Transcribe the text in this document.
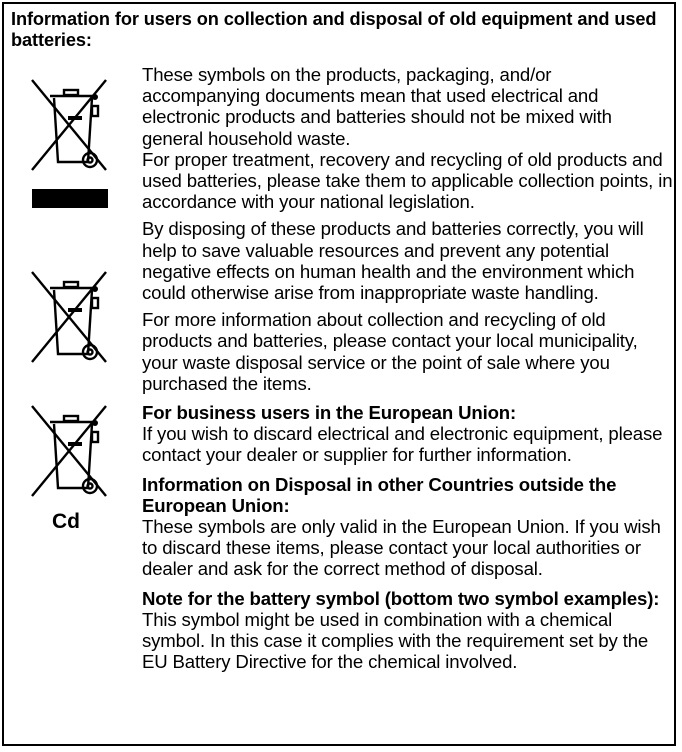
Information for users on collection and disposal of old equipment and used batteries:
Cd

These symbols on the products, packaging, and/or accompanying documents mean that used electrical and electronic products and batteries should not be mixed with general household waste.

For proper treatment, recovery and recycling of old products and used batteries, please take them to applicable collection points, in accordance with your national legislation.

By disposing of these products and batteries correctly, you will help to save valuable resources and prevent any potential negative effects on human health and the environment which could otherwise arise from inappropriate waste handling.

For more information about collection and recycling of old products and batteries, please contact your local municipality, your waste disposal service or the point of sale where you purchased the items.

For business users in the European Union:

If you wish to discard electrical and electronic equipment, please contact your dealer or supplier for further information.

Information on Disposal in other Countries outside the European Union:

These symbols are only valid in the European Union. If you wish to discard these items, please contact your local authorities or dealer and ask for the correct method of disposal.

Note for the battery symbol (bottom two symbol examples):

This symbol might be used in combination with a chemical symbol. In this case it complies with the requirement set by the EU Battery Directive for the chemical involved.
